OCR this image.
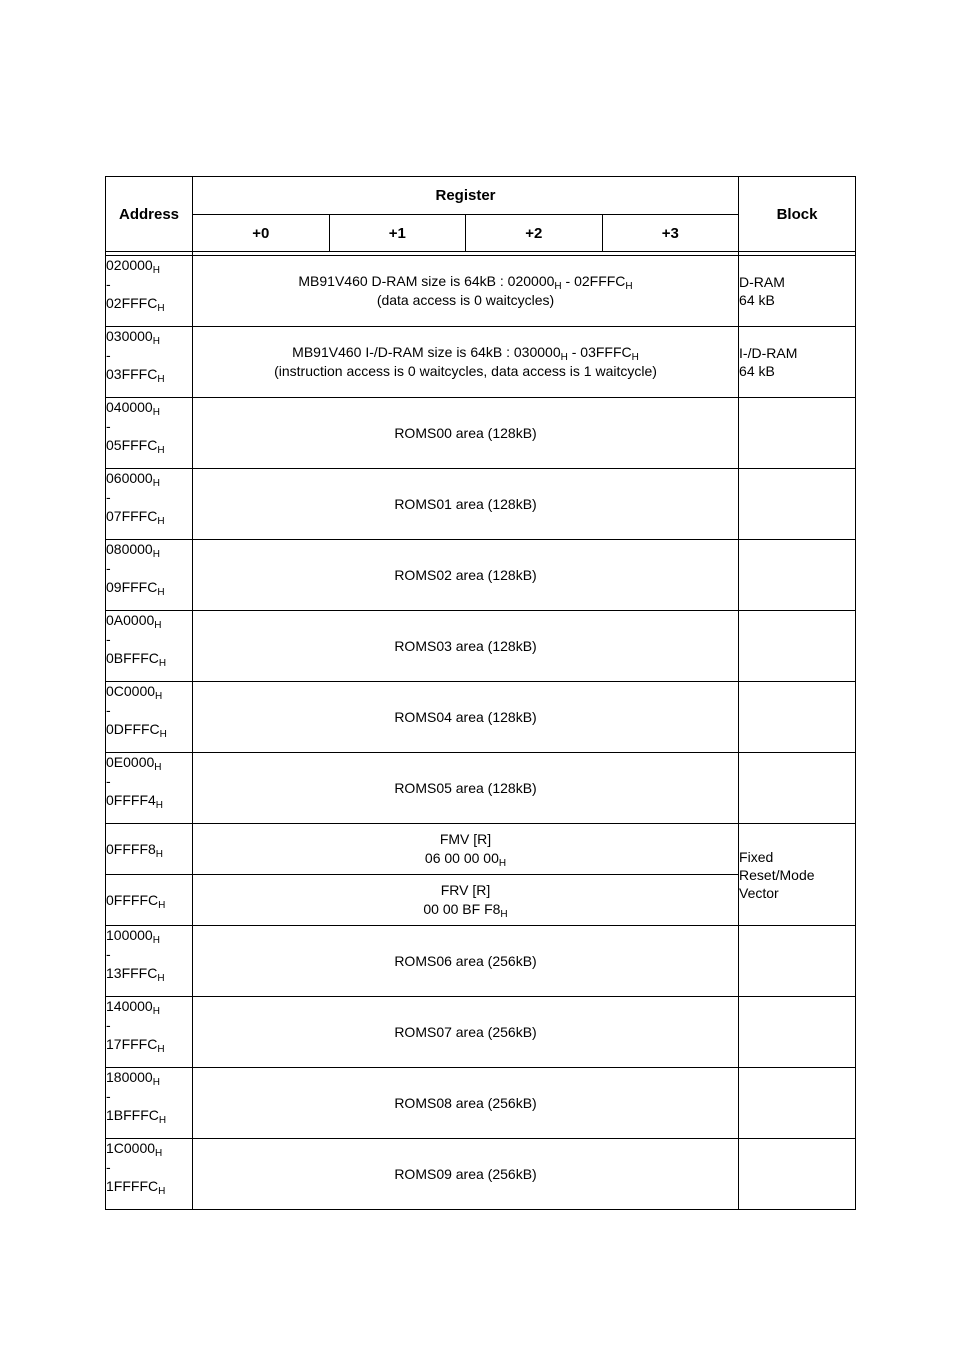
Address	Register				Block
	+0	+1	+2	+3	

$020000_H$
-
$02FFFC_H$	MB91V460 D-RAM size is 64kB : $020000_H$ - $02FFFC_H$
(data access is 0 waitcycles)				D-RAM
64 kB

$030000_H$
-
$03FFFC_H$	MB91V460 I-/D-RAM size is 64kB : $030000_H$ - $03FFFC_H$
(instruction access is 0 waitcycles, data access is 1 waitcycle)				I-/D-RAM
64 kB

$040000_H$
-
$05FFFC_H$	ROMS00 area (128kB)				

$060000_H$
-
$07FFFC_H$	ROMS01 area (128kB)				

$080000_H$
-
$09FFFC_H$	ROMS02 area (128kB)				

$0A0000_H$
-
$0BFFFC_H$	ROMS03 area (128kB)				

$0C0000_H$
-
$0DFFFC_H$	ROMS04 area (128kB)				

$0E0000_H$
-
$0FFFF4_H$	ROMS05 area (128kB)				

$0FFFF8_H$	FMV [R]
06 00 00 $00_H$				Fixed
Reset/Mode
Vector

$0FFFFC_H$	FRV [R]
00 00 BF $F8_H$

$100000_H$
-
$13FFFC_H$	ROMS06 area (256kB)				

$140000_H$
-
$17FFFC_H$	ROMS07 area (256kB)				

$180000_H$
-
$1BFFFC_H$	ROMS08 area (256kB)				

$1C0000_H$
-
$1FFFFC_H$	ROMS09 area (256kB)				
